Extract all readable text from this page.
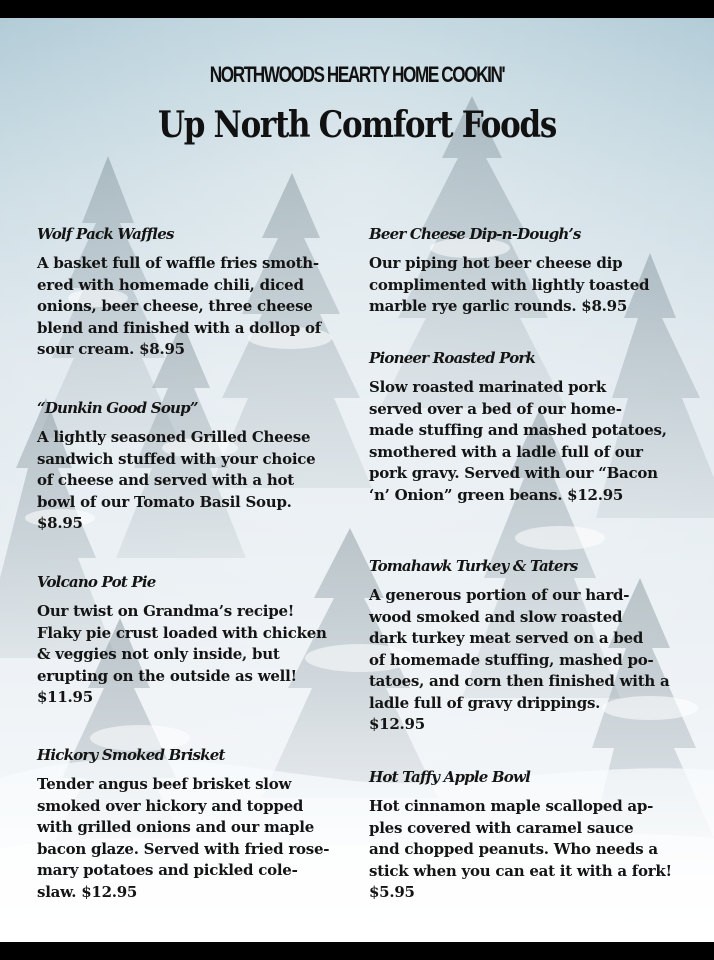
NORTHWOODS HEARTY HOME COOKIN'
Up North Comfort Foods
Wolf Pack Waffles
A basket full of waffle fries smoth-
ered with homemade chili, diced
onions, beer cheese, three cheese
blend and finished with a dollop of
sour cream. $8.95
“Dunkin Good Soup”
A lightly seasoned Grilled Cheese
sandwich stuffed with your choice
of cheese and served with a hot
bowl of our Tomato Basil Soup.
$8.95
Volcano Pot Pie
Our twist on Grandma’s recipe!
Flaky pie crust loaded with chicken
& veggies not only inside, but
erupting on the outside as well!
$11.95
Hickory Smoked Brisket
Tender angus beef brisket slow
smoked over hickory and topped
with grilled onions and our maple
bacon glaze. Served with fried rose-
mary potatoes and pickled cole-
slaw. $12.95
Beer Cheese Dip-n-Dough’s
Our piping hot beer cheese dip
complimented with lightly toasted
marble rye garlic rounds. $8.95
Pioneer Roasted Pork
Slow roasted marinated pork
served over a bed of our home-
made stuffing and mashed potatoes,
smothered with a ladle full of our
pork gravy. Served with our “Bacon
‘n’ Onion” green beans. $12.95
Tomahawk Turkey & Taters
A generous portion of our hard-
wood smoked and slow roasted
dark turkey meat served on a bed
of homemade stuffing, mashed po-
tatoes, and corn then finished with a
ladle full of gravy drippings.
$12.95
Hot Taffy Apple Bowl
Hot cinnamon maple scalloped ap-
ples covered with caramel sauce
and chopped peanuts. Who needs a
stick when you can eat it with a fork!
$5.95
